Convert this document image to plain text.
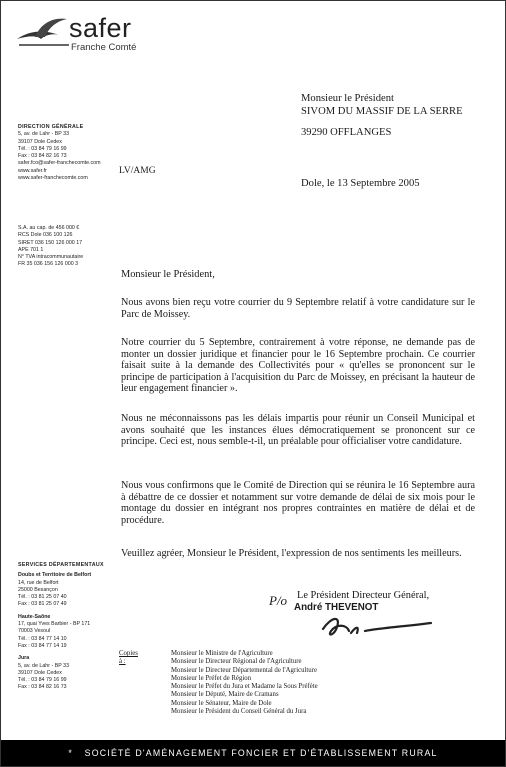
safer
Franche Comté
DIRECTION GÉNÉRALE
5, av. de Lahr - BP 33
39107 Dole Cedex
Tél. : 03 84 79 16 99
Fax : 03 84 82 16 73
safer.fco@safer-franchecomte.com
www.safer.fr
www.safer-franchecomte.com
LV/AMG
S.A. au cap. de 456 000 €
RCS Dole 036 100 126
SIRET 036 150 126 000 17
APE 701 1
N° TVA intracommunautaire
FR 35 036 156 126 000 3
Monsieur le Président
SIVOM DU MASSIF DE LA SERRE
39290 OFFLANGES
Dole, le 13 Septembre 2005
Monsieur le Président,
Nous avons bien reçu votre courrier du 9 Septembre relatif à votre candidature sur le Parc de Moissey.
Notre courrier du 5 Septembre, contrairement à votre réponse, ne demande pas de monter un dossier juridique et financier pour le 16 Septembre prochain. Ce courrier faisait suite à la demande des Collectivités pour « qu'elles se prononcent sur le principe de participation à l'acquisition du Parc de Moissey, en précisant la hauteur de leur engagement financier ».
Nous ne méconnaissons pas les délais impartis pour réunir un Conseil Municipal et avons souhaité que les instances élues démocratiquement se prononcent sur ce principe. Ceci est, nous semble-t-il, un préalable pour officialiser votre candidature.
Nous vous confirmons que le Comité de Direction qui se réunira le 16 Septembre aura à débattre de ce dossier et notamment sur votre demande de délai de six mois pour le montage du dossier en intégrant nos propres contraintes en matière de délai et de procédure.
Veuillez agréer, Monsieur le Président, l'expression de nos sentiments les meilleurs.
Le Président Directeur Général,
André THEVENOT
P/o
SERVICES DÉPARTEMENTAUX
Doubs et Territoire de Belfort
14, rue de Belfort
25000 Besançon
Tél. : 03 81 25 07 40
Fax : 03 81 25 07 49
Haute-Saône
17, quai Yves Barbier - BP 171
70003 Vesoul
Tél. : 03 84 77 14 10
Fax : 03 84 77 14 19
Jura
5, av. de Lahr - BP 33
39107 Dole Cedex
Tél. : 03 84 79 16 99
Fax : 03 84 82 16 73
Copies à :
Monsieur le Ministre de l'Agriculture
Monsieur le Directeur Régional de l'Agriculture
Monsieur le Directeur Départemental de l'Agriculture
Monsieur le Préfet de Région
Monsieur le Préfet du Jura et Madame la Sous Préfète
Monsieur le Député, Maire de Cramans
Monsieur le Sénateur, Maire de Dole
Monsieur le Président du Conseil Général du Jura
* SOCIÉTÉ D'AMÉNAGEMENT FONCIER ET D'ÉTABLISSEMENT RURAL
